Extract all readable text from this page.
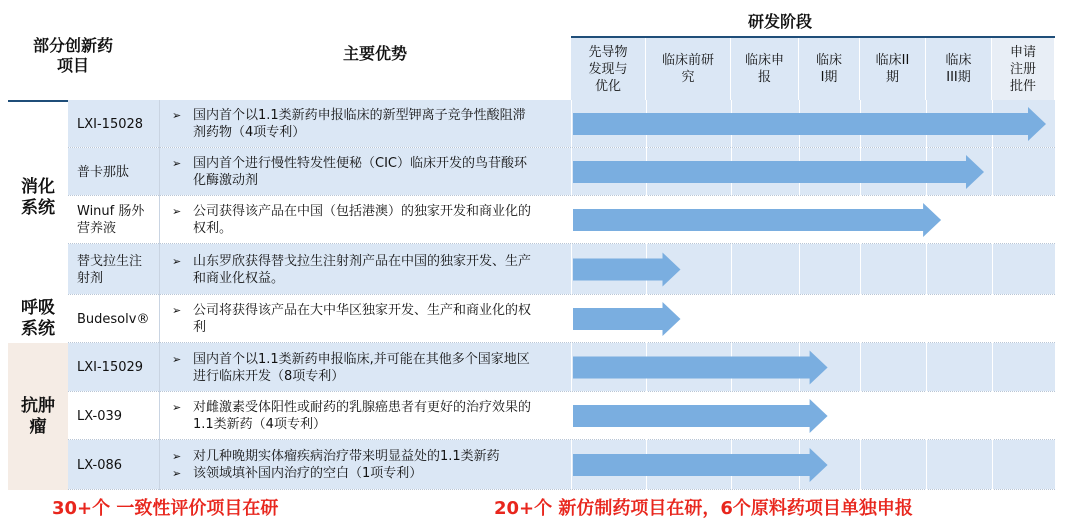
部分创新药
项目
主要优势
研发阶段
先导物
发现与
优化
临床前研
究
临床申
报
临床
I期
临床II
期
临床
III期
申请
注册
批件
LXI-15028
➢ 国内首个以1.1类新药申报临床的新型钾离子竞争性酸阻滞
剂药物（4项专利）
普卡那肽
➢ 国内首个进行慢性特发性便秘（CIC）临床开发的鸟苷酸环
化酶激动剂
Winuf 肠外
营养液
➢ 公司获得该产品在中国（包括港澳）的独家开发和商业化的
权利。
替戈拉生注
射剂
➢ 山东罗欣获得替戈拉生注射剂产品在中国的独家开发、生产
和商业化权益。
Budesolv®
➢ 公司将获得该产品在大中华区独家开发、生产和商业化的权
利
LXI-15029
➢ 国内首个以1.1类新药申报临床,并可能在其他多个国家地区
进行临床开发（8项专利）
LX-039
➢ 对雌激素受体阳性或耐药的乳腺癌患者有更好的治疗效果的
1.1类新药（4项专利）
LX-086
➢ 对几种晚期实体瘤疾病治疗带来明显益处的1.1类新药
➢ 该领域填补国内治疗的空白（1项专利）
消化
系统
呼吸
系统
抗肿
瘤
30+个 一致性评价项目在研	20+个 新仿制药项目在研，6个原料药项目单独申报
